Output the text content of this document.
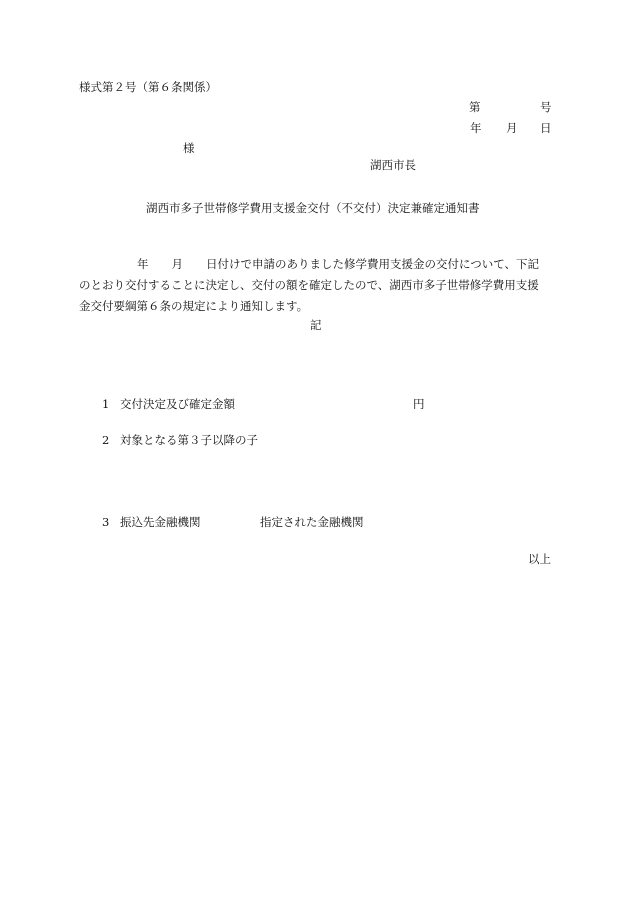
様式第２号（第６条関係）
第	号
年 月 日
様
湖西市長
湖西市多子世帯修学費用支援金交付（不交付）決定兼確定通知書
年　　月　　日付けで申請のありました修学費用支援金の交付について、下記
のとおり交付することに決定し、交付の額を確定したので、湖西市多子世帯修学費用支援
金交付要綱第６条の規定により通知します。
記
1 交付決定及び確定金額	円
2 対象となる第３子以降の子
3 振込先金融機関	指定された金融機関
以上
